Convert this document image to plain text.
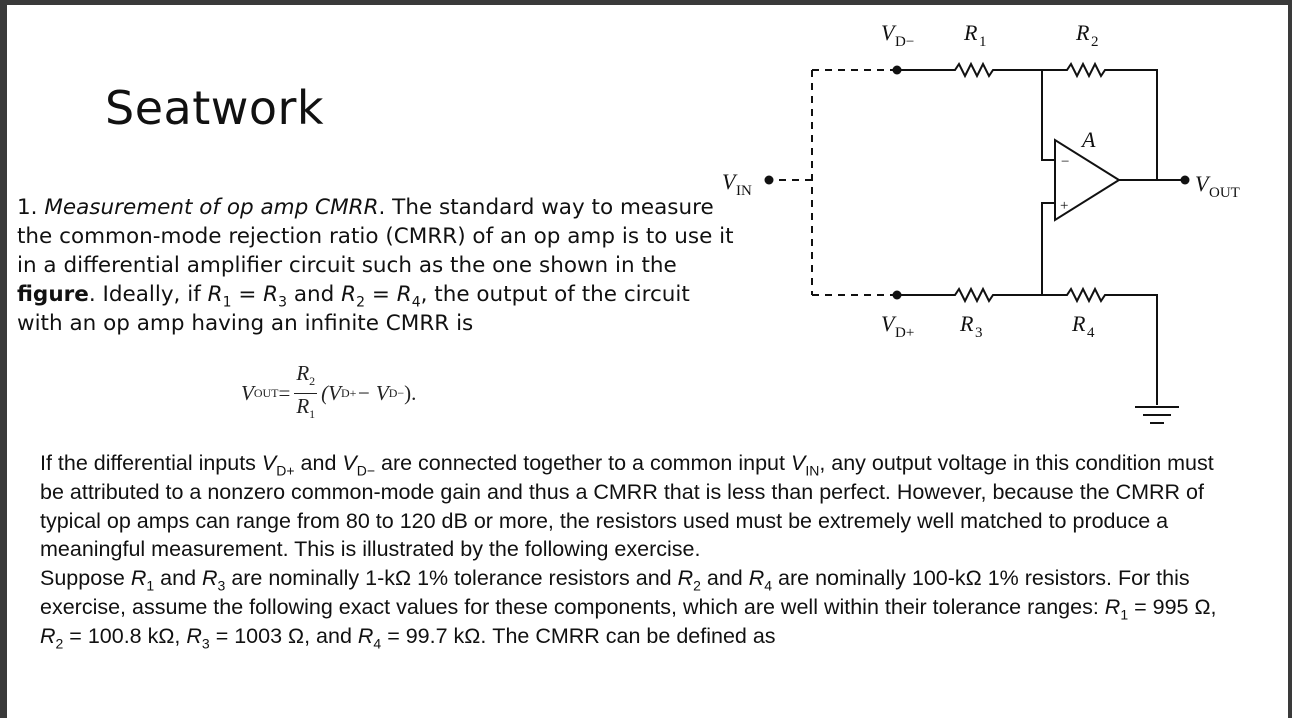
Seatwork
1. Measurement of op amp CMRR. The standard way to measure the common-mode rejection ratio (CMRR) of an op amp is to use it in a differential amplifier circuit such as the one shown in the figure. Ideally, if $R_1 = R_3$ and $R_2 = R_4$, the output of the circuit with an op amp having an infinite CMRR is
V OUT = $\frac{R_2}{R_1} (V$ D+ − V D− ).

If the differential inputs $V_{D+}$ and $V_{D-}$ are connected together to a common input $V_{IN}$, any output voltage in this condition must be attributed to a nonzero common-mode gain and thus a CMRR that is less than perfect. However, because the CMRR of typical op amps can range from 80 to 120 dB or more, the resistors used must be extremely well matched to produce a meaningful measurement. This is illustrated by the following exercise.

Suppose $R_1$ and $R_3$ are nominally 1-kΩ 1% tolerance resistors and $R_2$ and $R_4$ are nominally 100-kΩ 1% resistors. For this exercise, assume the following exact values for these components, which are well within their tolerance ranges: $R_1 = 995$ Ω, $R_2 = 100.8$ kΩ, $R_3 = 1003$ Ω, and $R_4 = 99.7$ kΩ. The CMRR can be defined as

V D− R 1	R 2
A
V IN	V OUT
V D+ R 3	R 4
−
+
